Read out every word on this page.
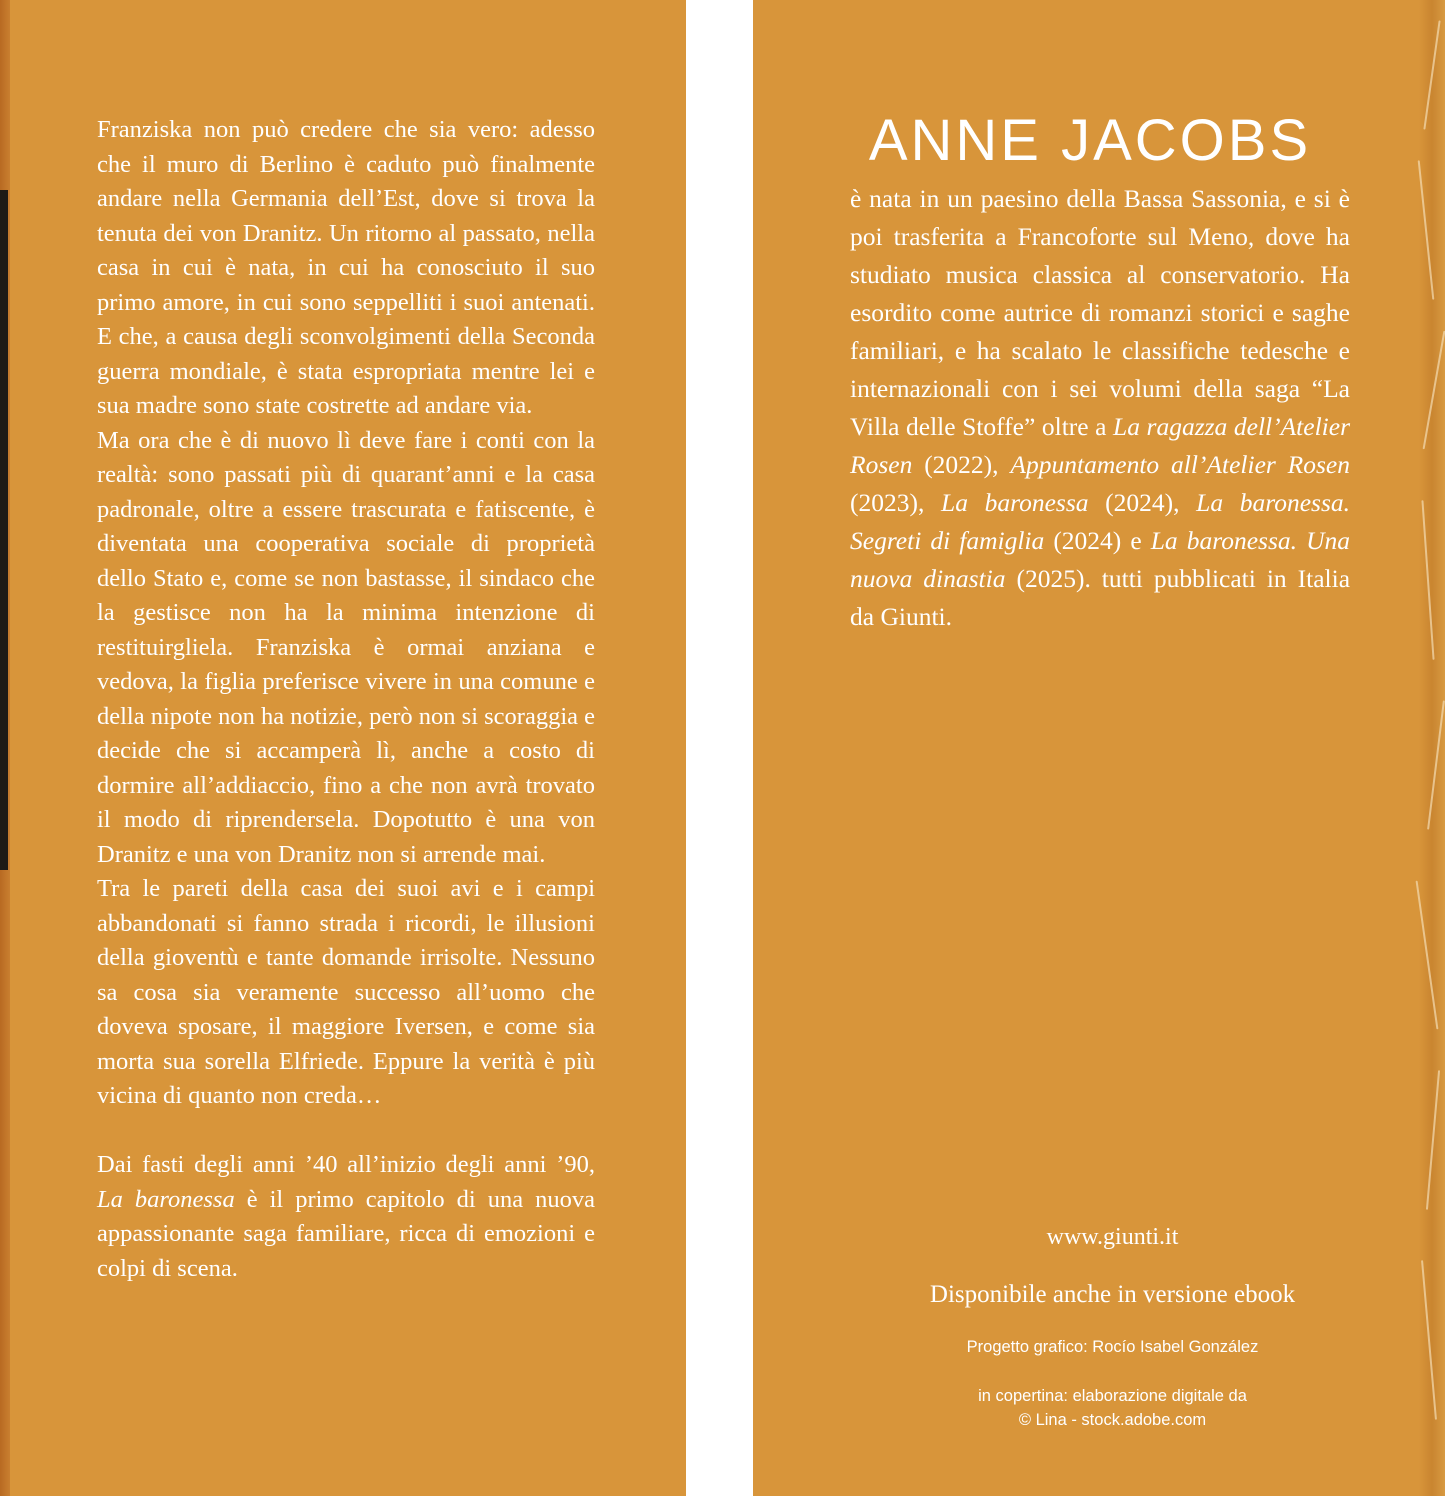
Franziska non può credere che sia vero: adesso che il muro di Berlino è caduto può finalmente andare nella Germania dell’Est, dove si trova la tenuta dei von Dranitz. Un ritorno al passato, nella casa in cui è nata, in cui ha conosciuto il suo primo amore, in cui sono seppelliti i suoi antenati. E che, a causa degli sconvolgimenti della Seconda guerra mondiale, è stata espropriata mentre lei e sua madre sono state costrette ad andare via.

Ma ora che è di nuovo lì deve fare i conti con la realtà: sono passati più di quarant’anni e la casa padronale, oltre a essere trascurata e fatiscente, è diventata una cooperativa sociale di proprietà dello Stato e, come se non bastasse, il sindaco che la gestisce non ha la minima intenzione di restituirgliela. Franziska è ormai anziana e vedova, la figlia preferisce vivere in una comune e della nipote non ha notizie, però non si scoraggia e decide che si accamperà lì, anche a costo di dormire all’addiaccio, fino a che non avrà trovato il modo di riprendersela. Dopotutto è una von Dranitz e una von Dranitz non si arrende mai.

Tra le pareti della casa dei suoi avi e i campi abbandonati si fanno strada i ricordi, le illusioni della gioventù e tante domande irrisolte. Nessuno sa cosa sia veramente successo all’uomo che doveva sposare, il maggiore Iversen, e come sia morta sua sorella Elfriede. Eppure la verità è più vicina di quanto non creda…

Dai fasti degli anni ’40 all’inizio degli anni ’90, La baronessa è il primo capitolo di una nuova appassionante saga familiare, ricca di emozioni e colpi di scena.

ANNE JACOBS
è nata in un paesino della Bassa Sassonia, e si è poi trasferita a Francoforte sul Meno, dove ha studiato musica classica al conservatorio. Ha esordito come autrice di romanzi storici e saghe familiari, e ha scalato le classifiche tedesche e internazionali con i sei volumi della saga “La Villa delle Stoffe” oltre a La ragazza dell’Atelier Rosen (2022), Appuntamento all’Atelier Rosen (2023), La baronessa (2024), La baronessa. Segreti di famiglia (2024) e La baronessa. Una nuova dinastia (2025). tutti pubblicati in Italia da Giunti.
www.giunti.it
Disponibile anche in versione ebook
Progetto grafico: Rocío Isabel González
in copertina: elaborazione digitale da
© Lina - stock.adobe.com
